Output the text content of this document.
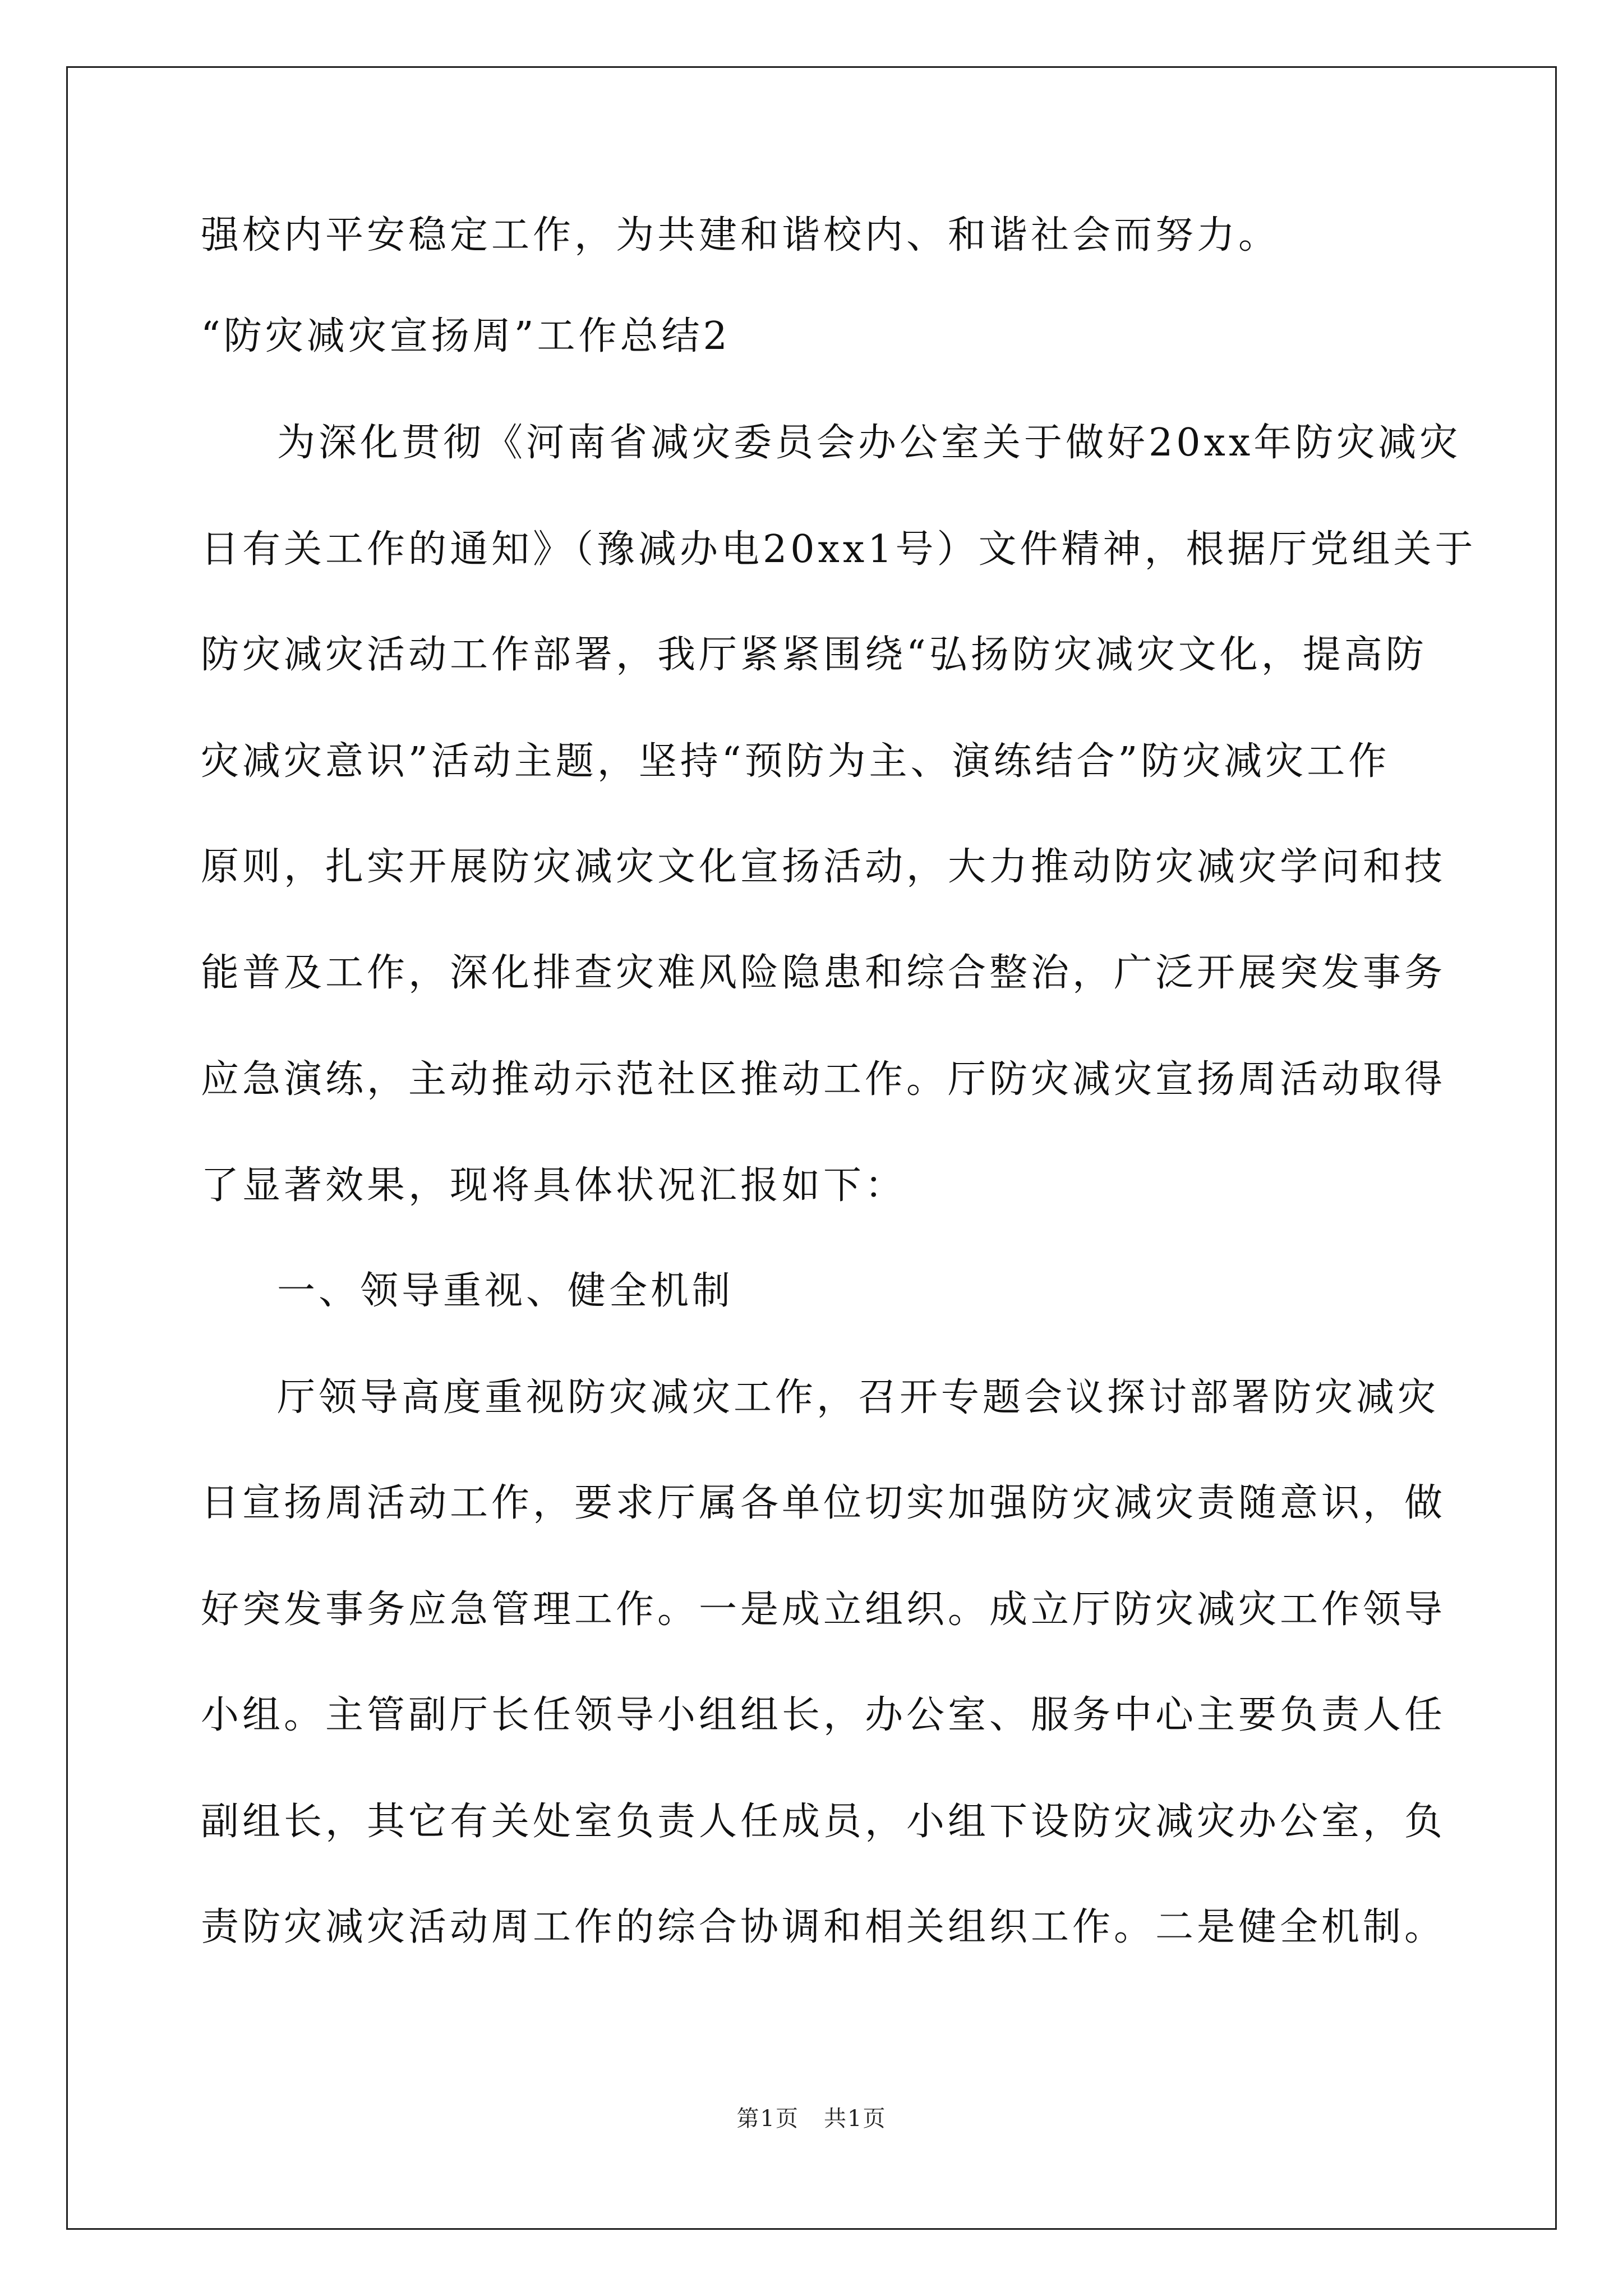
强校内平安稳定工作，为共建和谐校内、和谐社会而努力。
“防灾减灾宣扬周”工作总结2
为深化贯彻《河南省减灾委员会办公室关于做好20xx年防灾减灾
日有关工作的通知》（豫减办电20xx1号）文件精神，根据厅党组关于
防灾减灾活动工作部署，我厅紧紧围绕“弘扬防灾减灾文化，提高防
灾减灾意识”活动主题，坚持“预防为主、演练结合”防灾减灾工作
原则，扎实开展防灾减灾文化宣扬活动，大力推动防灾减灾学问和技
能普及工作，深化排查灾难风险隐患和综合整治，广泛开展突发事务
应急演练，主动推动示范社区推动工作。厅防灾减灾宣扬周活动取得
了显著效果，现将具体状况汇报如下：
一、领导重视、健全机制
厅领导高度重视防灾减灾工作，召开专题会议探讨部署防灾减灾
日宣扬周活动工作，要求厅属各单位切实加强防灾减灾责随意识，做
好突发事务应急管理工作。一是成立组织。成立厅防灾减灾工作领导
小组。主管副厅长任领导小组组长，办公室、服务中心主要负责人任
副组长，其它有关处室负责人任成员，小组下设防灾减灾办公室，负
责防灾减灾活动周工作的综合协调和相关组织工作。二是健全机制。
第1页 共1页
